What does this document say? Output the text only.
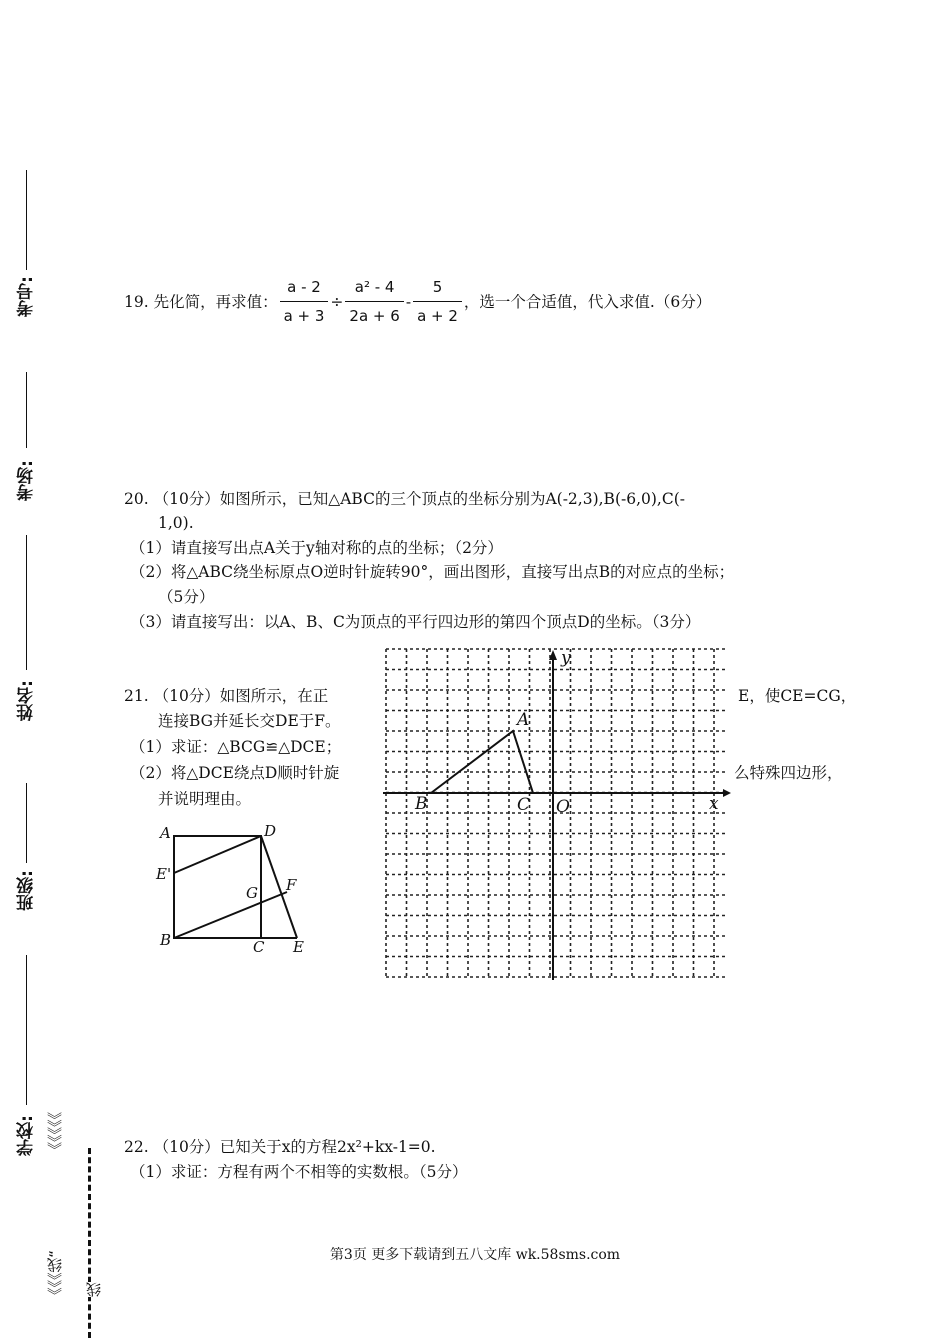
考号:
考场:
姓名:
班级:
学校: 《《《《《
《《《线“ 线
19. 先化简，再求值： $\frac{a - 2}{a + 3} \div \frac{\text{a² - 4}}{2a + 6} - \frac{5}{a + 2}$ ，选一个合适值，代入求值.（6分）
20. （10分）如图所示，已知△ABC的三个顶点的坐标分别为A(-2,3),B(-6,0),C(-
1,0).
（1）请直接写出点A关于y轴对称的点的坐标；（2分）
（2）将△ABC绕坐标原点O逆时针旋转90°，画出图形，直接写出点B的对应点的坐标；
（5分）
（3）请直接写出：以A、B、C为顶点的平行四边形的第四个顶点D的坐标。（3分）
21. （10分）如图所示，在正	E，使CE=CG，
连接BG并延长交DE于F。
（1）求证：△BCG≌△DCE；
（2）将△DCE绕点D顺时针旋	么特殊四边形，
并说明理由。
A	D
E'
G F
B	C E
y
x
A
B	C O
22. （10分）已知关于x的方程2x²+kx-1=0.
（1）求证：方程有两个不相等的实数根。（5分）
第3页 更多下载请到五八文库 wk.58sms.com
